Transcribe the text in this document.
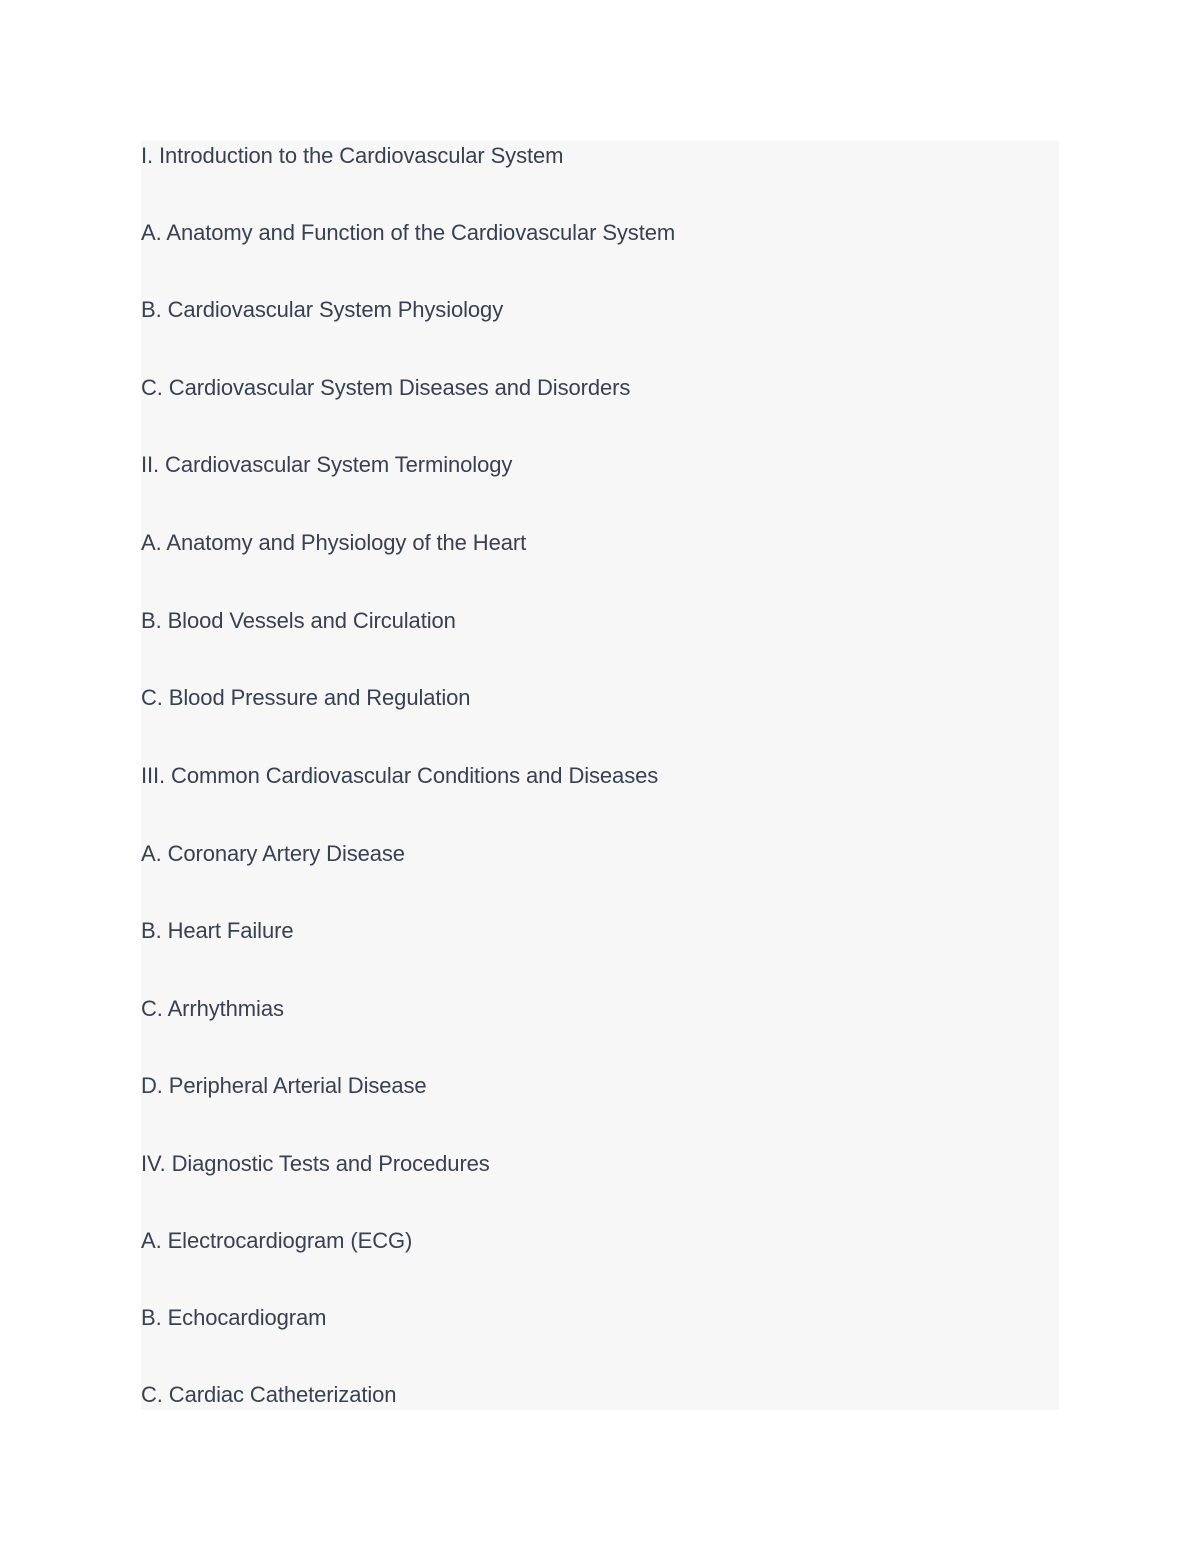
I. Introduction to the Cardiovascular System

A. Anatomy and Function of the Cardiovascular System

B. Cardiovascular System Physiology

C. Cardiovascular System Diseases and Disorders

II. Cardiovascular System Terminology

A. Anatomy and Physiology of the Heart

B. Blood Vessels and Circulation

C. Blood Pressure and Regulation

III. Common Cardiovascular Conditions and Diseases

A. Coronary Artery Disease

B. Heart Failure

C. Arrhythmias

D. Peripheral Arterial Disease

IV. Diagnostic Tests and Procedures

A. Electrocardiogram (ECG)

B. Echocardiogram

C. Cardiac Catheterization
